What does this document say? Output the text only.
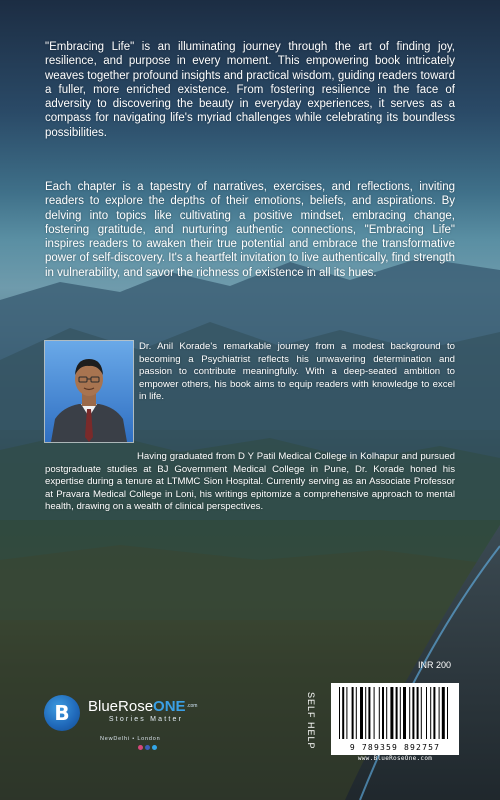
"Embracing Life" is an illuminating journey through the art of finding joy, resilience, and purpose in every moment. This empowering book intricately weaves together profound insights and practical wisdom, guiding readers toward a fuller, more enriched existence. From fostering resilience in the face of adversity to discovering the beauty in everyday experiences, it serves as a compass for navigating life's myriad challenges while celebrating its boundless possibilities.

Each chapter is a tapestry of narratives, exercises, and reflections, inviting readers to explore the depths of their emotions, beliefs, and aspirations. By delving into topics like cultivating a positive mindset, embracing change, fostering gratitude, and nurturing authentic connections, "Embracing Life" inspires readers to awaken their true potential and embrace the transformative power of self-discovery. It's a heartfelt invitation to live authentically, find strength in vulnerability, and savor the richness of existence in all its hues.

Dr. Anil Korade's remarkable journey from a modest background to becoming a Psychiatrist reflects his unwavering determination and passion to contribute meaningfully. With a deep-seated ambition to empower others, his book aims to equip readers with knowledge to excel in life.

Having graduated from D Y Patil Medical College in Kolhapur and pursued postgraduate studies at BJ Government Medical College in Pune, Dr. Korade honed his expertise during a tenure at LTMMC Sion Hospital. Currently serving as an Associate Professor at Pravara Medical College in Loni, his writings epitomize a comprehensive approach to mental health, drawing on a wealth of clinical perspectives.

B	BlueRoseONE$^{.com}$
Stories Matter
NewDelhi • London
INR 200
SELF HELP	9 789359 892757
www.BlueRoseOne.com
